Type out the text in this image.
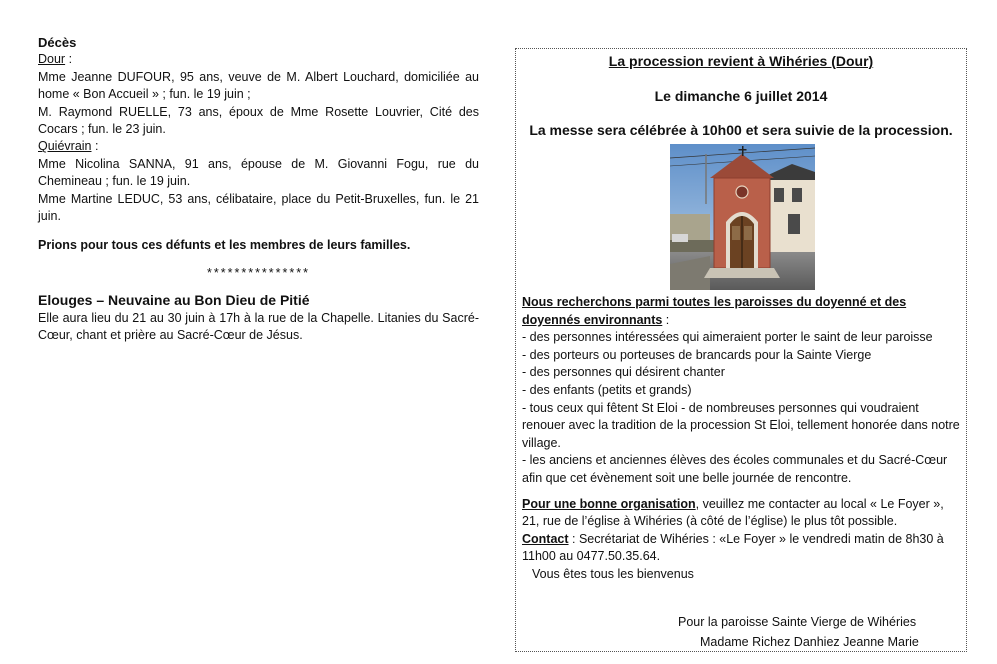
Décès
Dour :
Mme Jeanne DUFOUR, 95 ans, veuve de M. Albert Louchard, domiciliée au home « Bon Accueil » ; fun. le 19 juin ;
M. Raymond RUELLE, 73 ans, époux de Mme Rosette Louvrier, Cité des Cocars ; fun. le 23 juin.
Quiévrain :
Mme Nicolina SANNA, 91 ans, épouse de M. Giovanni Fogu, rue du Chemineau ; fun. le 19 juin.
Mme Martine LEDUC, 53 ans, célibataire, place du Petit-Bruxelles, fun. le 21 juin.
Prions pour tous ces défunts et les membres de leurs familles.
***************
Elouges – Neuvaine au Bon Dieu de Pitié
Elle aura lieu du 21 au 30 juin à 17h à la rue de la Chapelle. Litanies du Sacré-Cœur, chant et prière au Sacré-Cœur de Jésus.
La procession revient à Wihéries (Dour)
Le dimanche 6 juillet 2014
La messe sera célébrée à 10h00 et sera suivie de la procession.
Nous recherchons parmi toutes les paroisses du doyenné et des doyennés environnants :
- des personnes intéressées qui aimeraient porter le saint de leur paroisse
- des porteurs ou porteuses de brancards pour la Sainte Vierge
- des personnes qui désirent chanter
- des enfants (petits et grands)
- tous ceux qui fêtent St Eloi - de nombreuses personnes qui voudraient renouer avec la tradition de la procession St Eloi, tellement honorée dans notre village.
- les anciens et anciennes élèves des écoles communales et du Sacré-Cœur afin que cet évènement soit une belle journée de rencontre.
Pour une bonne organisation, veuillez me contacter au local « Le Foyer », 21, rue de l’église à Wihéries (à côté de l’église) le plus tôt possible.
Contact : Secrétariat de Wihéries : «Le Foyer » le vendredi matin de 8h30 à 11h00 au 0477.50.35.64.
Vous êtes tous les bienvenus
Pour la paroisse Sainte Vierge de Wihéries
Madame Richez Danhiez Jeanne Marie
